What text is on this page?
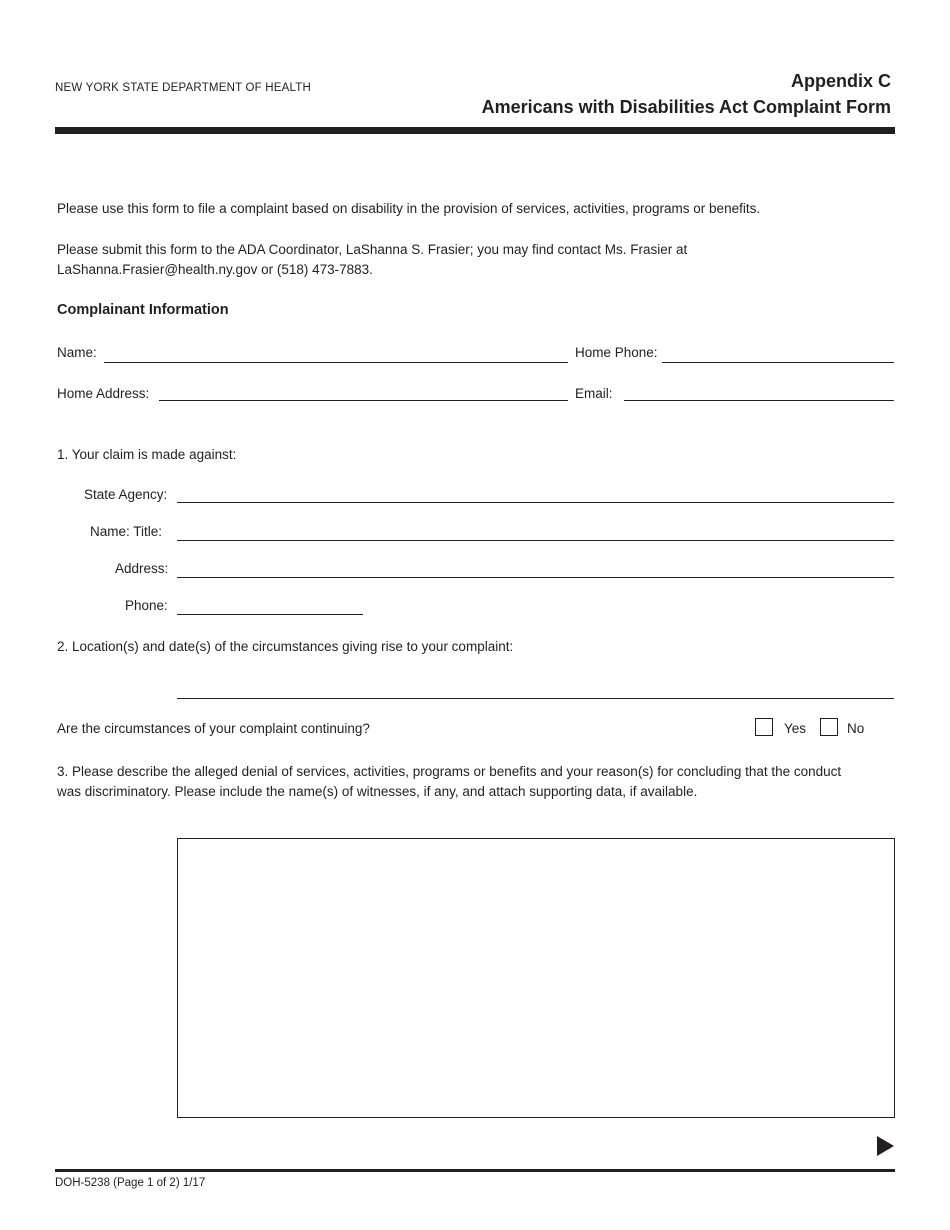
NEW YORK STATE DEPARTMENT OF HEALTH	Appendix C
Americans with Disabilities Act Complaint Form
Please use this form to file a complaint based on disability in the provision of services, activities, programs or benefits.
Please submit this form to the ADA Coordinator, LaShanna S. Frasier; you may find contact Ms. Frasier at
LaShanna.Frasier@health.ny.gov or (518) 473-7883.
Complainant Information
Name:	Home Phone:
Home Address:	Email:
1. Your claim is made against:
State Agency:
Name: Title:
Address:
Phone:
2. Location(s) and date(s) of the circumstances giving rise to your complaint:
Are the circumstances of your complaint continuing?	Yes	No
3. Please describe the alleged denial of services, activities, programs or benefits and your reason(s) for concluding that the conduct
was discriminatory. Please include the name(s) of witnesses, if any, and attach supporting data, if available.
DOH-5238 (Page 1 of 2) 1/17
